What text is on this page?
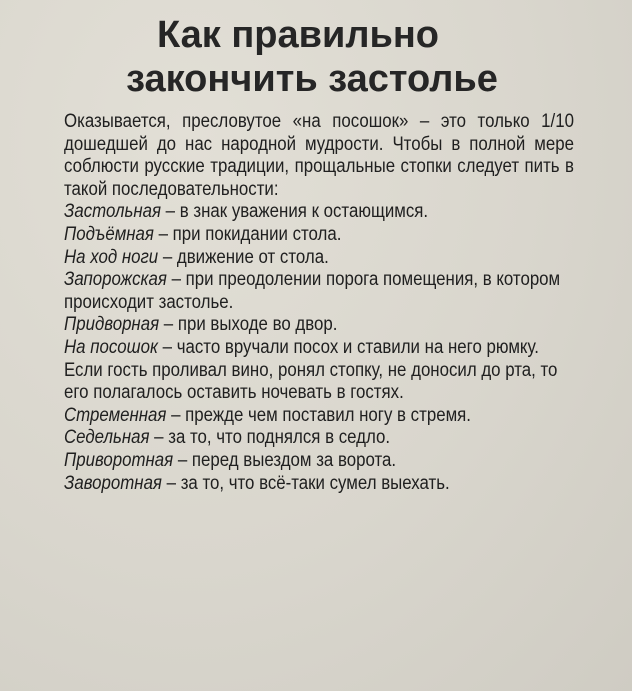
Как правильно
закончить застолье
Оказывается, пресловутое «на посошок» – это только 1/10 дошедшей до нас народной мудрости. Чтобы в полной мере соблюсти русские традиции, прощальные стопки следует пить в такой последовательности:
Застольная – в знак уважения к остающимся.
Подъёмная – при покидании стола.
На ход ноги – движение от стола.
Запорожская – при преодолении порога помещения, в котором происходит застолье.
Придворная – при выходе во двор.
На посошок – часто вручали посох и ставили на него рюмку. Если гость проливал вино, ронял стопку, не доносил до рта, то его полагалось оставить ночевать в гостях.
Стременная – прежде чем поставил ногу в стремя.
Седельная – за то, что поднялся в седло.
Приворотная – перед выездом за ворота.
Заворотная – за то, что всё-таки сумел выехать.
